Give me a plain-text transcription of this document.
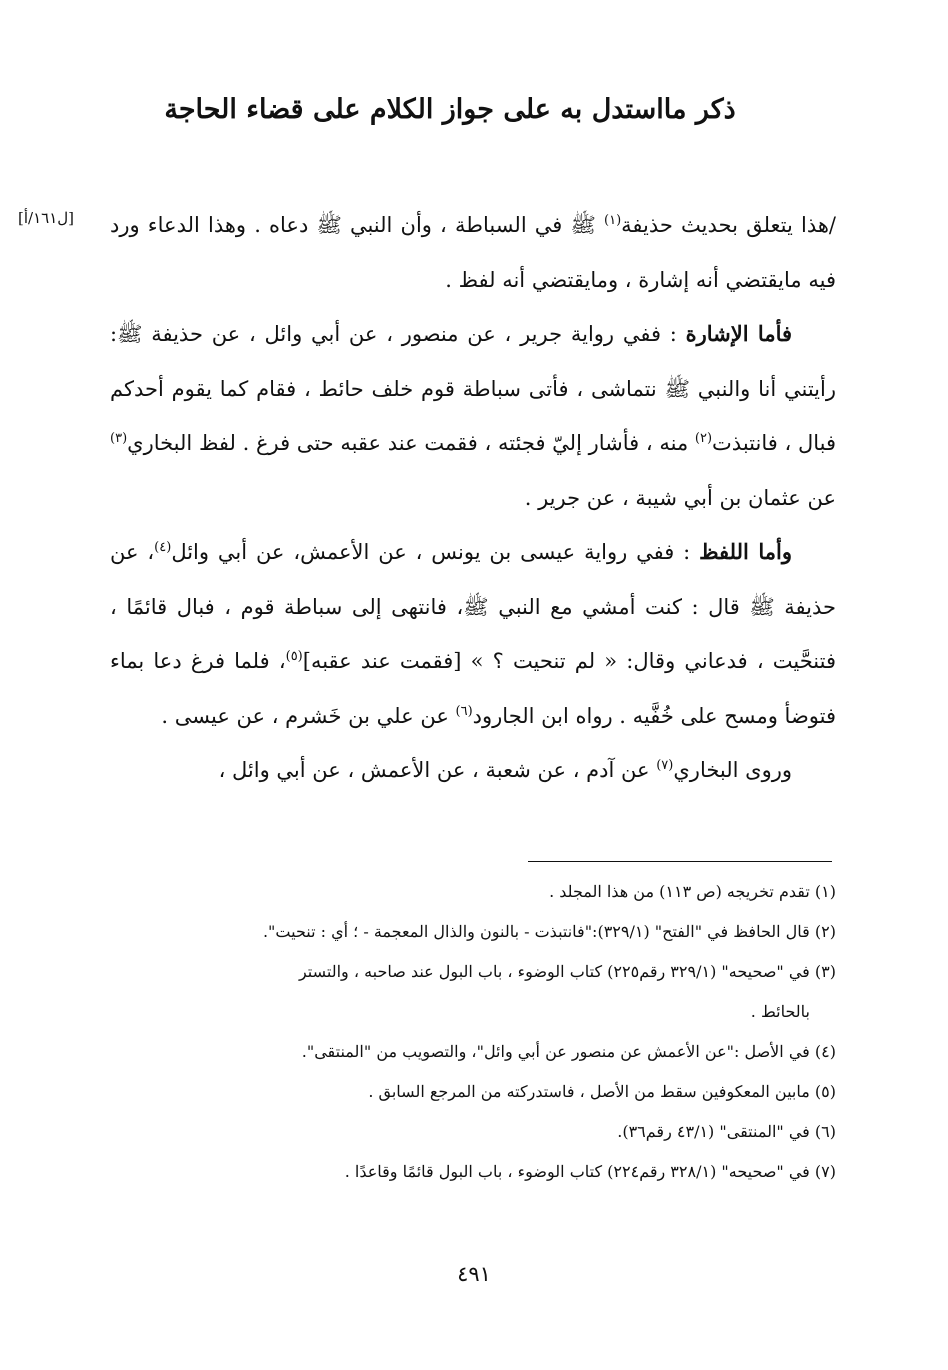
ذكر مااستدل به على جواز الكلام على قضاء الحاجة
[ل١٦١/أ]	/هذا يتعلق بحديث حذيفة$^{(١)}$ ﷺ في السباطة ، وأن النبي ﷺ دعاه . وهذا الدعاء ورد فيه مايقتضي أنه إشارة ، ومايقتضي أنه لفظ .

فأما الإشارة : ففي رواية جرير ، عن منصور ، عن أبي وائل ، عن حذيفة ﷺ: رأيتني أنا والنبي ﷺ نتماشى ، فأتى سباطة قوم خلف حائط ، فقام كما يقوم أحدكم فبال ، فانتبذت$^{(٢)}$ منه ، فأشار إليّ فجئته ، فقمت عند عقبه حتى فرغ . لفظ البخاري$^{(٣)}$ عن عثمان بن أبي شيبة ، عن جرير .

وأما اللفظ : ففي رواية عيسى بن يونس ، عن الأعمش، عن أبي وائل$^{(٤)}$، عن حذيفة ﷺ قال : كنت أمشي مع النبي ﷺ، فانتهى إلى سباطة قوم ، فبال قائمًا ، فتنحَّيت ، فدعاني وقال: « لم تنحيت ؟ » [فقمت عند عقبه]$^{(٥)}$، فلما فرغ دعا بماء فتوضأ ومسح على خُفَّيه . رواه ابن الجارود$^{(٦)}$ عن علي بن خَشرم ، عن عيسى .

وروى البخاري$^{(٧)}$ عن آدم ، عن شعبة ، عن الأعمش ، عن أبي وائل ،

(١) تقدم تخريجه (ص ١١٣) من هذا المجلد .

(٢) قال الحافظ في "الفتح" (٣٢٩/١):"فانتبذت - بالنون والذال المعجمة - ؛ أي : تنحيت".

(٣) في "صحيحه" (٣٢٩/١ رقم٢٢٥) كتاب الوضوء ، باب البول عند صاحبه ، والتستر

بالحائط .

(٤) في الأصل :"عن الأعمش عن منصور عن أبي وائل"، والتصويب من "المنتقى".

(٥) مابين المعكوفين سقط من الأصل ، فاستدركته من المرجع السابق .

(٦) في "المنتقى" (٤٣/١ رقم٣٦).

(٧) في "صحيحه" (٣٢٨/١ رقم٢٢٤) كتاب الوضوء ، باب البول قائمًا وقاعدًا .

٤٩١
